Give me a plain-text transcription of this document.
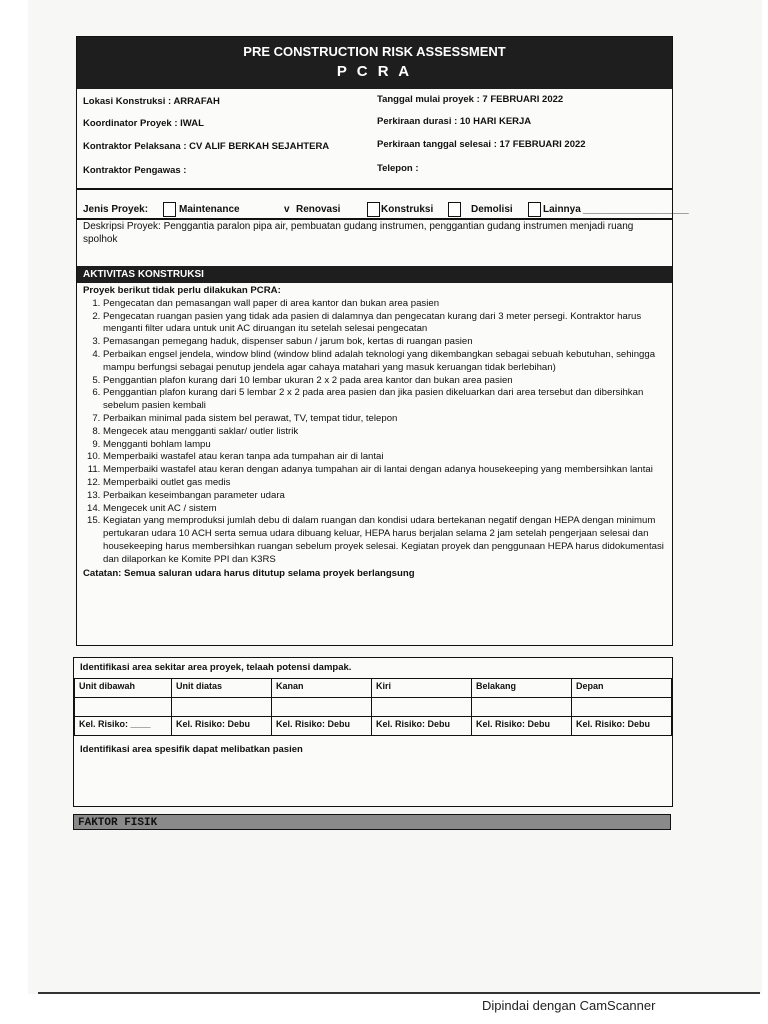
PRE CONSTRUCTION RISK ASSESSMENT
P C R A
Lokasi Konstruksi : ARRAFAH
Koordinator Proyek : IWAL
Kontraktor Pelaksana : CV ALIF BERKAH SEJAHTERA
Kontraktor Pengawas :
Tanggal mulai proyek : 7 FEBRUARI 2022
Perkiraan durasi : 10 HARI KERJA
Perkiraan tanggal selesai : 17 FEBRUARI 2022
Telepon :
Jenis Proyek:	Maintenance	v Renovasi	Konstruksi	Demolisi	Lainnya ___________________
Deskripsi Proyek: Penggantia paralon pipa air, pembuatan gudang instrumen, penggantian gudang instrumen menjadi ruang spolhok
AKTIVITAS KONSTRUKSI
Proyek berikut tidak perlu dilakukan PCRA:
1. Pengecatan dan pemasangan wall paper di area kantor dan bukan area pasien
2. Pengecatan ruangan pasien yang tidak ada pasien di dalamnya dan pengecatan kurang dari 3 meter persegi. Kontraktor harus menganti filter udara untuk unit AC diruangan itu setelah selesai pengecatan
3. Pemasangan pemegang haduk, dispenser sabun / jarum bok, kertas di ruangan pasien
4. Perbaikan engsel jendela, window blind (window blind adalah teknologi yang dikembangkan sebagai sebuah kebutuhan, sehingga mampu berfungsi sebagai penutup jendela agar cahaya matahari yang masuk keruangan tidak berlebihan)
5. Penggantian plafon kurang dari 10 lembar ukuran 2 x 2 pada area kantor dan bukan area pasien
6. Penggantian plafon kurang dari 5 lembar 2 x 2 pada area pasien dan jika pasien dikeluarkan dari area tersebut dan dibersihkan sebelum pasien kembali
7. Perbaikan minimal pada sistem bel perawat, TV, tempat tidur, telepon
8. Mengecek atau mengganti saklar/ outler listrik
9. Mengganti bohlam lampu
10. Memperbaiki wastafel atau keran tanpa ada tumpahan air di lantai
11. Memperbaiki wastafel atau keran dengan adanya tumpahan air di lantai dengan adanya housekeeping yang membersihkan lantai
12. Memperbaiki outlet gas medis
13. Perbaikan keseimbangan parameter udara
14. Mengecek unit AC / sistem
15. Kegiatan yang memproduksi jumlah debu di dalam ruangan dan kondisi udara bertekanan negatif dengan HEPA dengan minimum pertukaran udara 10 ACH serta semua udara dibuang keluar, HEPA harus berjalan selama 2 jam setelah pengerjaan selesai dan housekeeping harus membersihkan ruangan sebelum proyek selesai. Kegiatan proyek dan penggunaan HEPA harus didokumentasi dan dilaporkan ke Komite PPI dan K3RS
Catatan: Semua saluran udara harus ditutup selama proyek berlangsung
Identifikasi area sekitar area proyek, telaah potensi dampak.
Unit dibawah	Unit diatas	Kanan	Kiri	Belakang	Depan

Kel. Risiko: ____	Kel. Risiko: Debu	Kel. Risiko: Debu	Kel. Risiko: Debu	Kel. Risiko: Debu	Kel. Risiko: Debu
Identifikasi area spesifik dapat melibatkan pasien
FAKTOR FISIK
Dipindai dengan CamScanner
